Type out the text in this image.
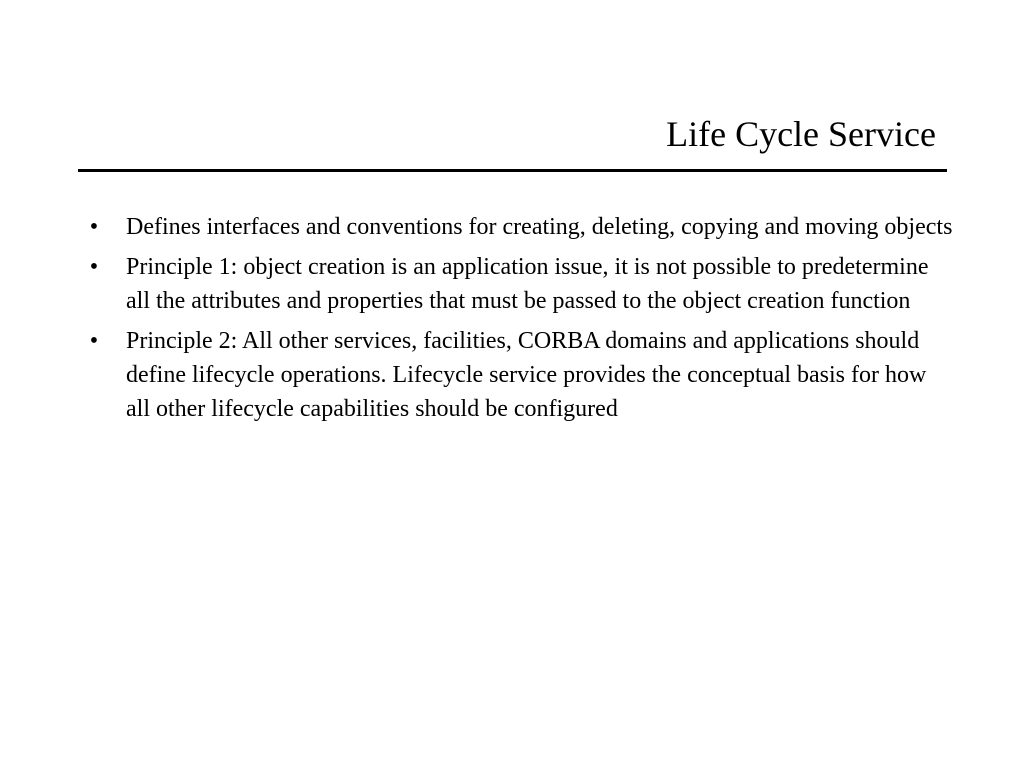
Life Cycle Service
• Defines interfaces and conventions for creating, deleting, copying and moving objects
• Principle 1: object creation is an application issue, it is not possible to predetermine all the attributes and properties that must be passed to the object creation function
• Principle 2: All other services, facilities, CORBA domains and applications should define lifecycle operations. Lifecycle service provides the conceptual basis for how all other lifecycle capabilities should be configured
